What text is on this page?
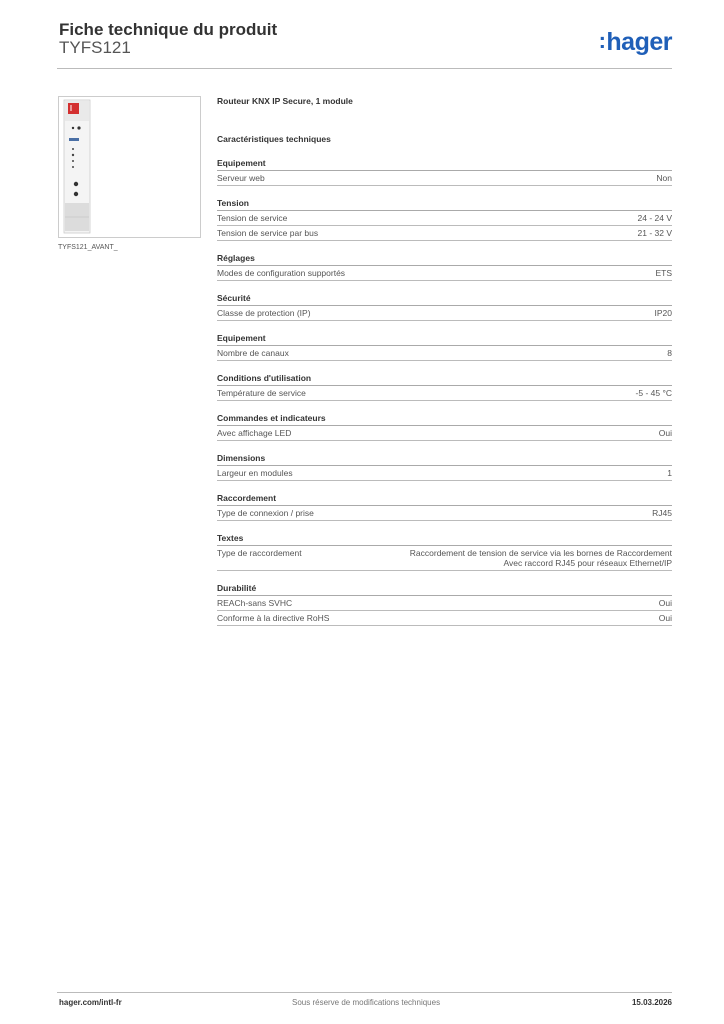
Fiche technique du produit
TYFS121	:hager
TYFS121_AVANT_
Routeur KNX IP Secure, 1 module
Caractéristiques techniques
Equipement
Serveur web	Non
Tension
Tension de service	24 - 24 V
Tension de service par bus	21 - 32 V
Réglages
Modes de configuration supportés	ETS
Sécurité
Classe de protection (IP)	IP20
Equipement
Nombre de canaux	8
Conditions d'utilisation
Température de service	-5 - 45 °C
Commandes et indicateurs
Avec affichage LED	Oui
Dimensions
Largeur en modules	1
Raccordement
Type de connexion / prise	RJ45
Textes
Type de raccordement	Raccordement de tension de service via les bornes de Raccordement
Avec raccord RJ45 pour réseaux Ethernet/IP
Durabilité
REACh-sans SVHC	Oui
Conforme à la directive RoHS	Oui
hager.com/intl-fr	Sous réserve de modifications techniques	15.03.2026
